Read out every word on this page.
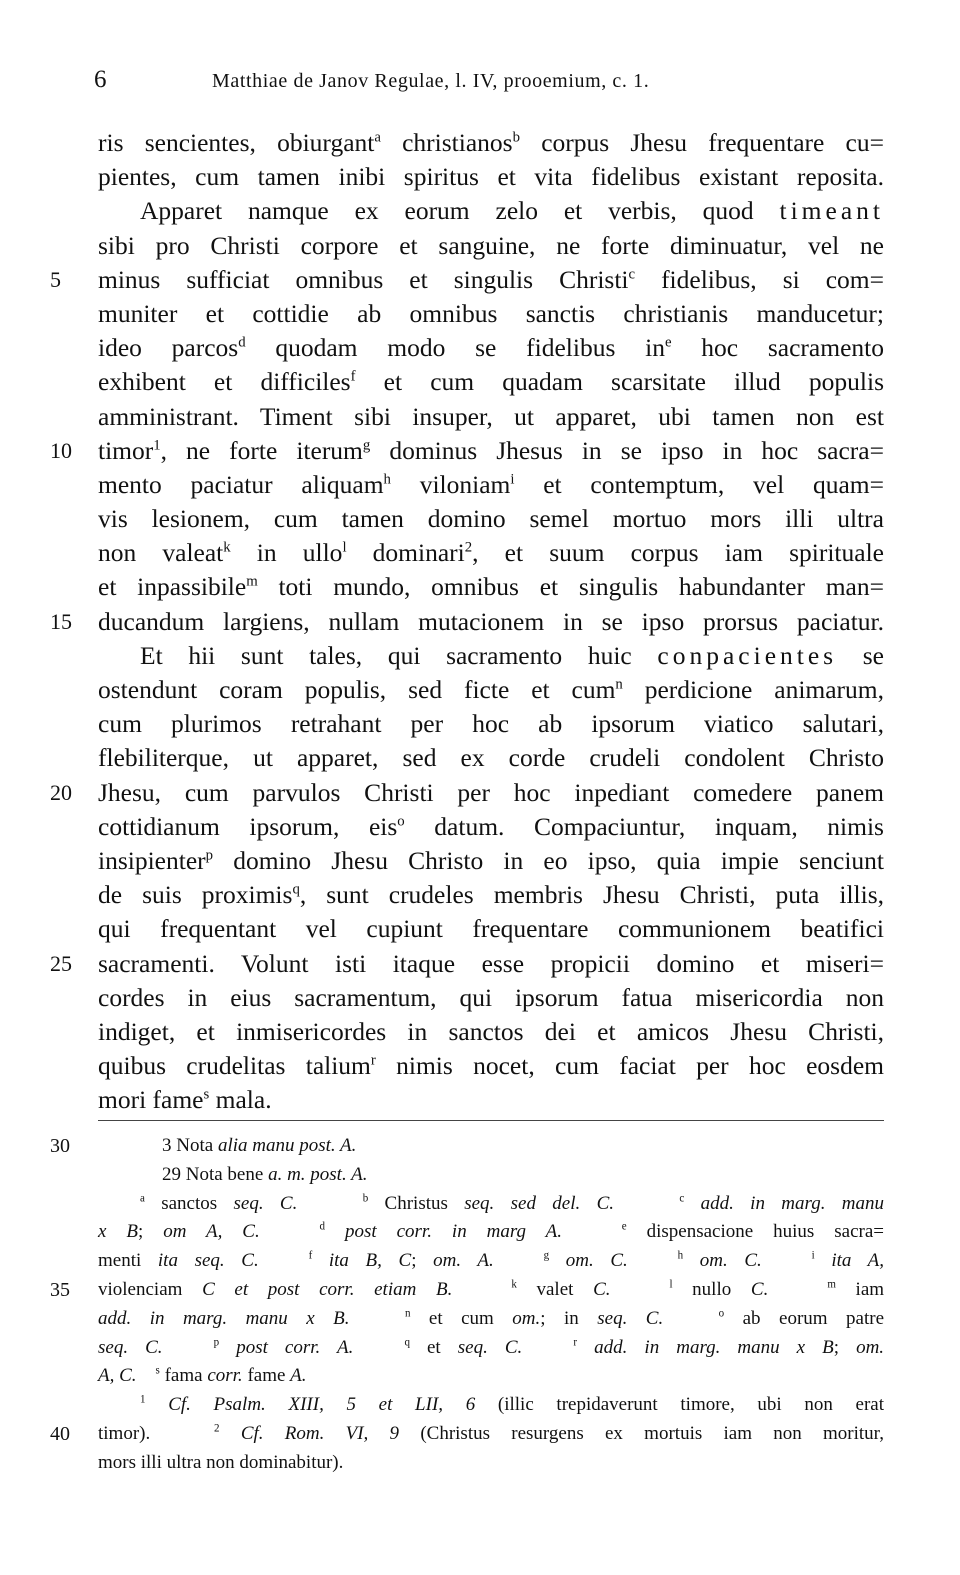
6	Matthiae de Janov Regulae, l. IV, prooemium, c. 1.
ris sencientes, obiurgant$^a$ christianos$^b$ corpus Jhesu frequentare cu=
pientes, cum tamen inibi spiritus et vita fidelibus existant reposita.
Apparet namque ex eorum zelo et verbis, quod timeant
sibi pro Christi corpore et sanguine, ne forte diminuatur, vel ne
5	minus sufficiat omnibus et singulis Christi$^c$ fidelibus, si com=
muniter et cottidie ab omnibus sanctis christianis manducetur;
ideo parcos$^d$ quodam modo se fidelibus $in^e$ hoc sacramento
exhibent et difficiles$^f$ et cum quadam scarsitate illud populis
amministrant. Timent sibi insuper, ut apparet, ubi tamen non est
10	timor$^1$, ne forte iterum$^g$ dominus Jhesus in se ipso in hoc sacra=
mento paciatur aliquam$^h$ viloniam$^i$ et contemptum, vel quam=
vis lesionem, cum tamen domino semel mortuo mors illi ultra
non valeat$^k$ in ullo$^l$ dominari$^2$, et suum corpus iam spirituale
et inpassibile$^m$ toti mundo, omnibus et singulis habundanter man=
15	ducandum largiens, nullam mutacionem in se ipso prorsus paciatur.
Et hii sunt tales, qui sacramento huic conpacientes se
ostendunt coram populis, sed ficte et cum$^n$ perdicione animarum,
cum plurimos retrahant per hoc ab ipsorum viatico salutari,
flebiliterque, ut apparet, sed ex corde crudeli condolent Christo
20	Jhesu, cum parvulos Christi per hoc inpediant comedere panem
cottidianum ipsorum, eis$^o$ datum. Compaciuntur, inquam, nimis
insipienter$^p$ domino Jhesu Christo in eo ipso, quia impie senciunt
de suis proximis$^q$, sunt crudeles membris Jhesu Christi, puta illis,
qui frequentant vel cupiunt frequentare communionem beatifici
25	sacramenti. Volunt isti itaque esse propicii domino et miseri=
cordes in eius sacramentum, qui ipsorum fatua misericordia non
indiget, et inmisericordes in sanctos dei et amicos Jhesu Christi,
quibus crudelitas talium$^r$ nimis nocet, cum faciat per hoc eosdem
mori fame$^s$ mala.
30	3 Nota alia manu post. A.
29 Nota bene a. m. post. A.
$^a$ sanctos seq. C.	$^b$ Christus seq. sed del. C.	$^c$ add. in marg. manu
x B; om A, C.	$^d$ post corr. in marg A.	$^e$ dispensacione huius sacra=
menti ita seq. C.	$^f$ ita B, C; om. A.	$^g$ om. C.	$^h$ om. C.	$^i$ ita A,
35	violenciam C et post corr. etiam B.	$^k$ valet C.	$^l$ nullo C.	$^m$ iam
add. in marg. manu x B.	$^n$ et cum om.; in seq. C.	$^o$ ab eorum patre
seq. C.	$^p$ post corr. A.	$^q$ et seq. C.	$^r$ add. in marg. manu x B; om.
A, C. $^s$ fama corr. fame A.
$^1$ Cf. Psalm. XIII, 5 et LII, 6 (illic trepidaverunt timore, ubi non erat
40	timor).   $^2$ Cf. Rom. VI, 9 (Christus resurgens ex mortuis iam non moritur,
mors illi ultra non dominabitur).
